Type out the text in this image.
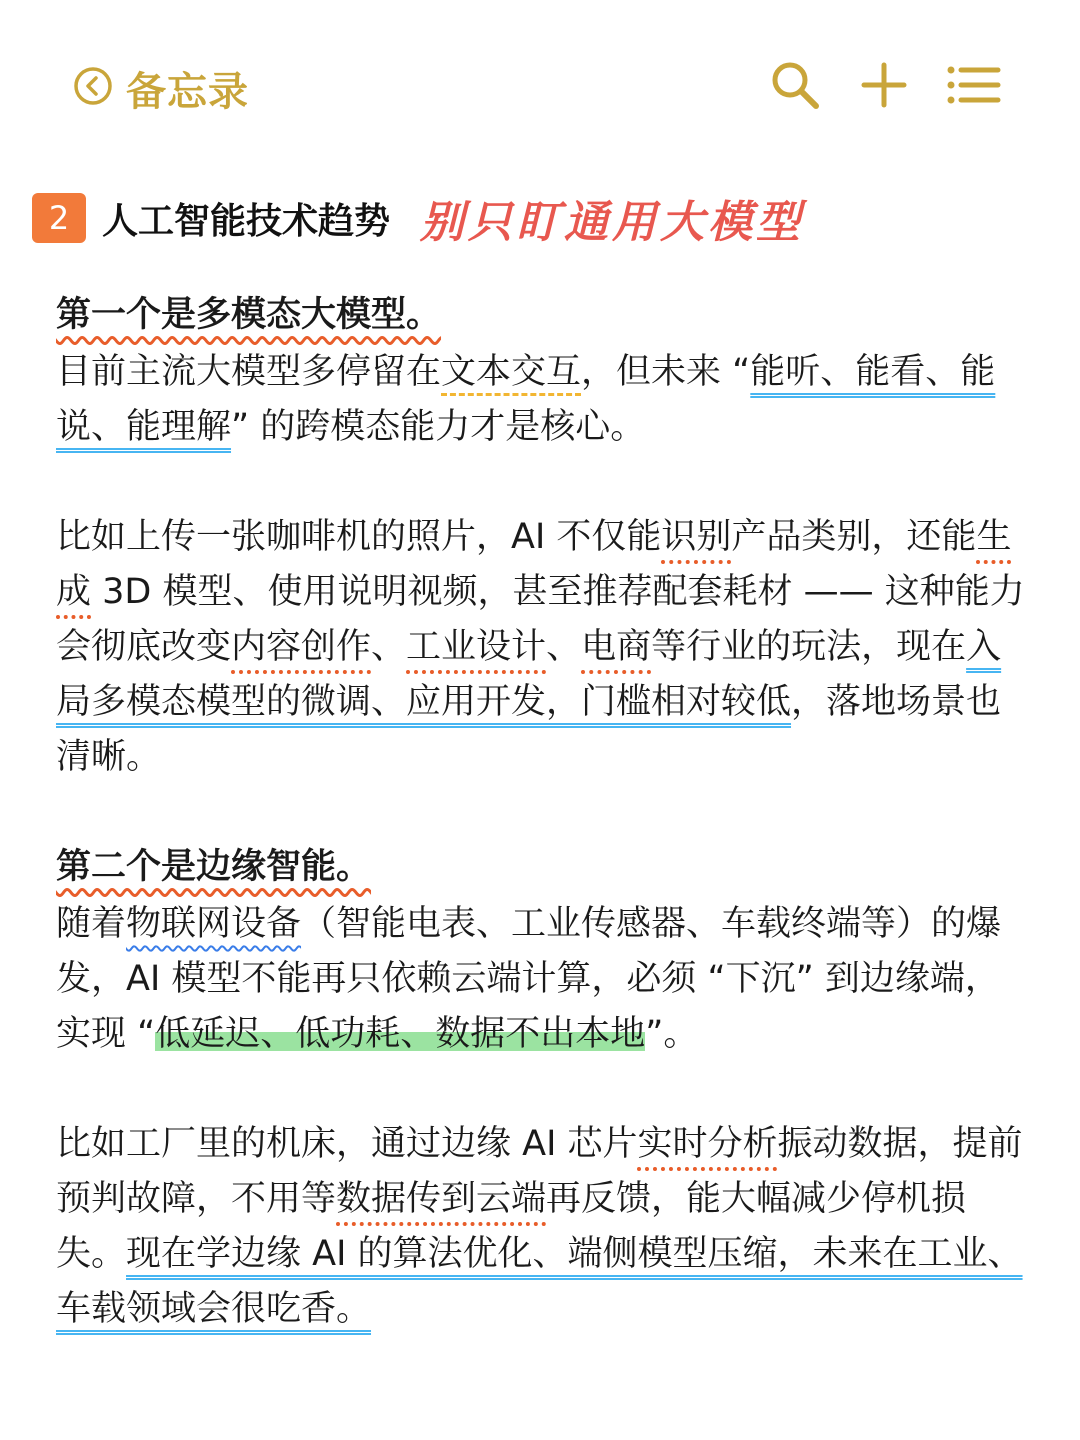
备忘录
2 人工智能技术趋势 别只盯通用大模型
第一个是多模态大模型。

目前主流大模型多停留在文本交互，但未来 “能听、能看、能说、能理解” 的跨模态能力才是核心。

比如上传一张咖啡机的照片，AI 不仅能识别产品类别，还能生成 3D 模型、使用说明视频，甚至推荐配套耗材 —— 这种能力会彻底改变内容创作、工业设计、电商等行业的玩法，现在入局多模态模型的微调、应用开发，门槛相对较低，落地场景也清晰。

第二个是边缘智能。

随着物联网设备（智能电表、工业传感器、车载终端等）的爆发，AI 模型不能再只依赖云端计算，必须 “下沉” 到边缘端，实现 “低延迟、低功耗、数据不出本地”。

比如工厂里的机床，通过边缘 AI 芯片实时分析振动数据，提前预判故障，不用等数据传到云端再反馈，能大幅减少停机损失。现在学边缘 AI 的算法优化、端侧模型压缩，未来在工业、车载领域会很吃香。
